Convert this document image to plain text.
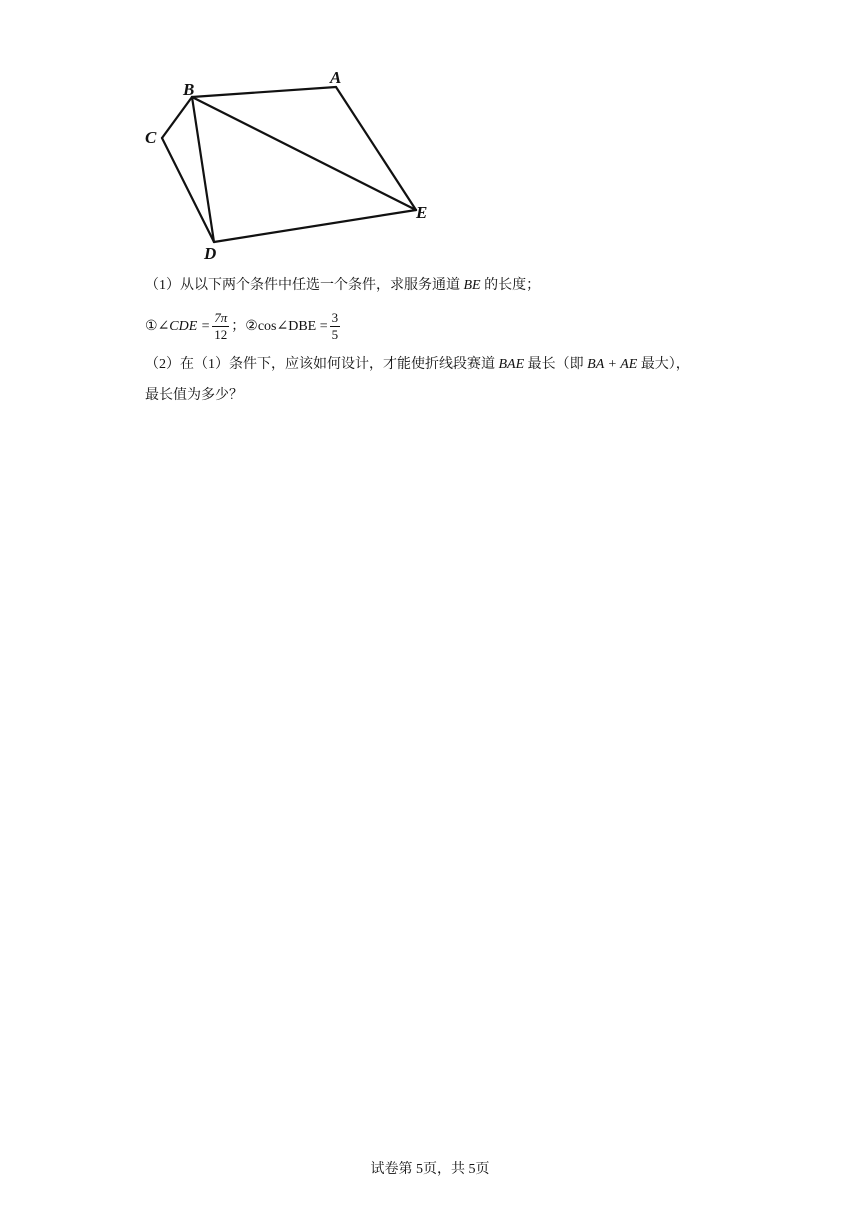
B
A
C
E
D
（1）从以下两个条件中任选一个条件，求服务通道 BE 的长度；
①∠CDE = $\frac{7\pi}{12}$ ；②cos∠DBE = $\frac{3}{5}$
（2）在（1）条件下，应该如何设计，才能使折线段赛道 BAE 最长（即 BA + AE 最大），
最长值为多少？
试卷第 5页，共 5页
